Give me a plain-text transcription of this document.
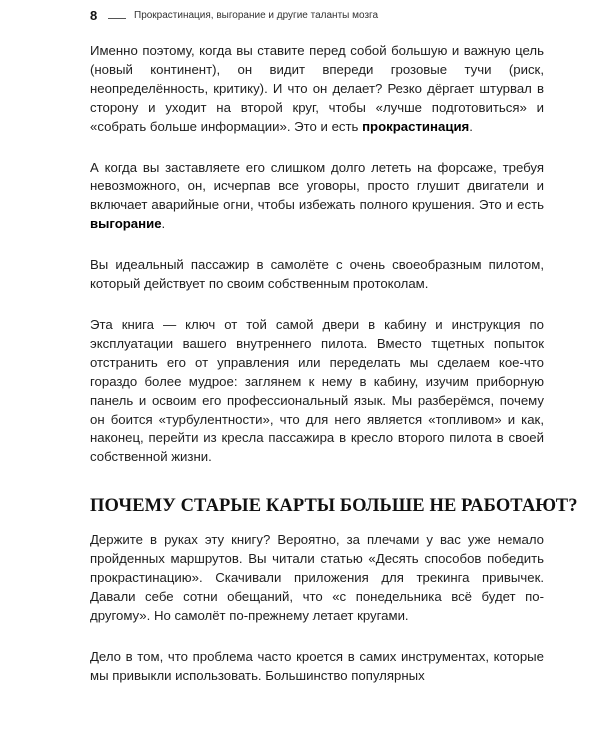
8	Прокрастинация, выгорание и другие таланты мозга

Именно поэтому, когда вы ставите перед собой большую и важную цель (новый континент), он видит впереди грозовые тучи (риск, неопределённость, критику). И что он делает? Резко дёргает штурвал в сторону и уходит на второй круг, чтобы «лучше подготовиться» и «собрать больше информации». Это и есть прокрастинация.

А когда вы заставляете его слишком долго лететь на форсаже, требуя невозможного, он, исчерпав все уговоры, просто глушит двигатели и включает аварийные огни, чтобы избежать полного крушения. Это и есть выгорание.

Вы идеальный пассажир в самолёте с очень своеобразным пилотом, который действует по своим собственным протоколам.

Эта книга — ключ от той самой двери в кабину и инструкция по эксплуатации вашего внутреннего пилота. Вместо тщетных попыток отстранить его от управления или переделать мы сделаем кое-что гораздо более мудрое: заглянем к нему в кабину, изучим приборную панель и освоим его профессиональный язык. Мы разберёмся, почему он боится «турбулентности», что для него является «топливом» и как, наконец, перейти из кресла пассажира в кресло второго пилота в своей собственной жизни.

ПОЧЕМУ СТАРЫЕ КАРТЫ БОЛЬШЕ НЕ РАБОТАЮТ?

Держите в руках эту книгу? Вероятно, за плечами у вас уже немало пройденных маршрутов. Вы читали статью «Десять способов победить прокрастинацию». Скачивали приложения для трекинга привычек. Давали себе сотни обещаний, что «с понедельника всё будет по-другому». Но самолёт по-прежнему летает кругами.

Дело в том, что проблема часто кроется в самих инструментах, которые мы привыкли использовать. Большинство популярных
